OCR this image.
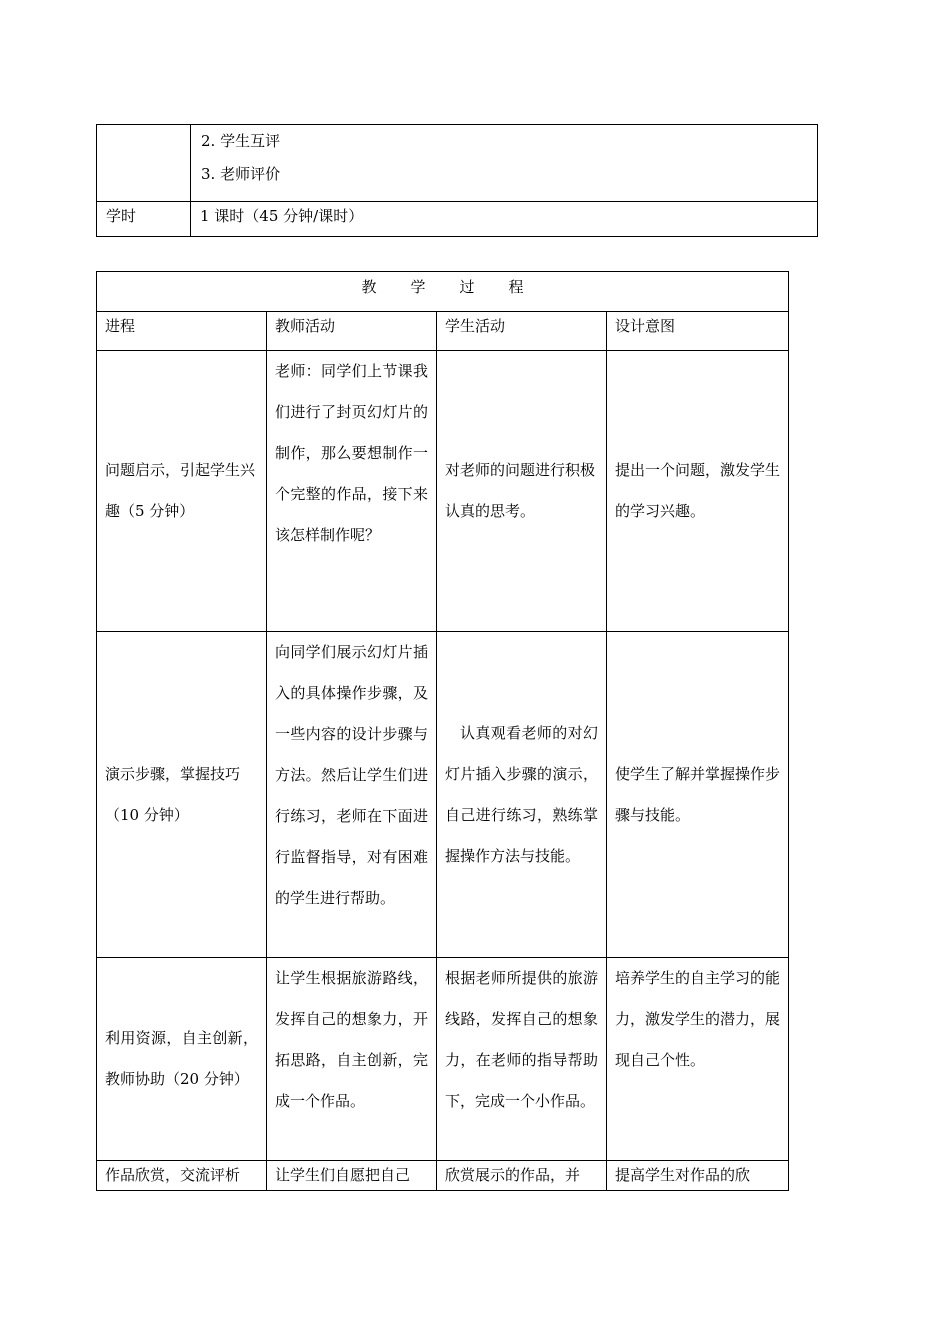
	2. 学生互评
3. 老师评价

学时	1 课时（45 分钟/课时）
教学过程			
进程	教师活动	学生活动	设计意图

问题启示，引起学生兴趣（5 分钟）	老师：同学们上节课我们进行了封页幻灯片的制作，那么要想制作一个完整的作品，接下来该怎样制作呢？	对老师的问题进行积极认真的思考。	提出一个问题，激发学生的学习兴趣。

演示步骤，掌握技巧（10 分钟）	向同学们展示幻灯片插入的具体操作步骤，及一些内容的设计步骤与方法。然后让学生们进行练习，老师在下面进行监督指导，对有困难的学生进行帮助。	认真观看老师的对幻灯片插入步骤的演示，自己进行练习，熟练掌握操作方法与技能。	使学生了解并掌握操作步骤与技能。

利用资源，自主创新，教师协助（20 分钟）	让学生根据旅游路线，发挥自己的想象力，开拓思路，自主创新，完成一个作品。	根据老师所提供的旅游线路，发挥自己的想象力，在老师的指导帮助下，完成一个小作品。	培养学生的自主学习的能力，激发学生的潜力，展现自己个性。

作品欣赏，交流评析	让学生们自愿把自己	欣赏展示的作品，并	提高学生对作品的欣
